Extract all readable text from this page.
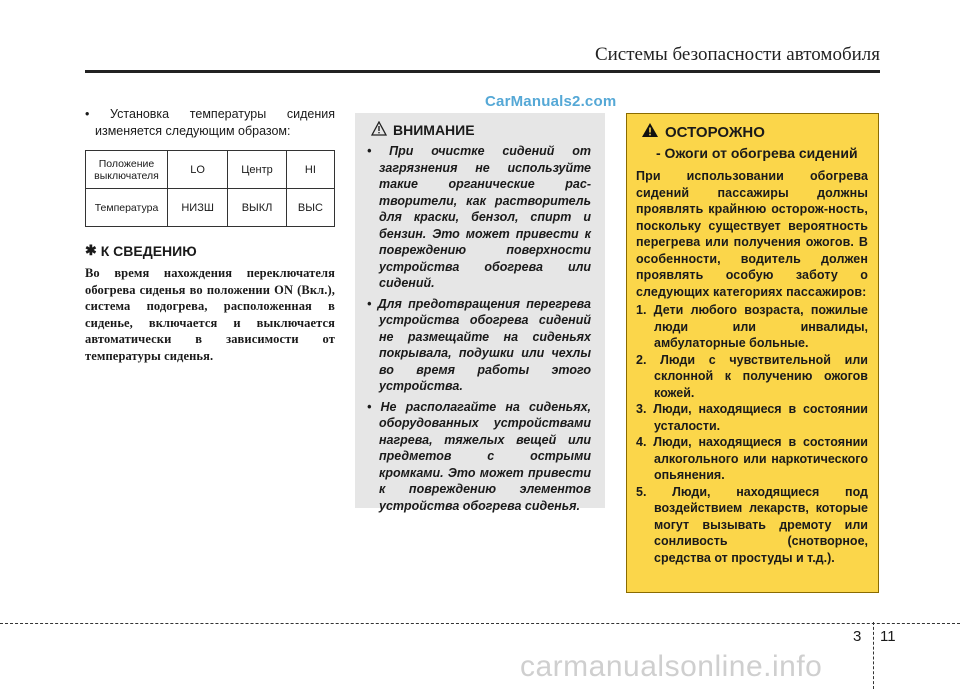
Системы безопасности автомобиля
CarManuals2.com

• Установка температуры сидения изменяется следующим образом:

Положение выключателя	LO	Центр	HI
Температура	НИЗШ	ВЫКЛ	ВЫС
✱ К СВЕДЕНИЮ

Во время нахождения переключателя обогрева сиденья во положении ON (Вкл.), система подогрева, расположенная в сиденье, включается и выключается автоматически в зависимости от температуры сиденья.

ВНИМАНИЕ

• При очистке сидений от загрязнения не используйте такие органические рас-творители, как растворитель для краски, бензол, спирт и бензин. Это может привести к повреждению поверхности устройства обогрева или сидений.

• Для предотвращения перегрева устройства обогрева сидений не размещайте на сиденьях покрывала, подушки или чехлы во время работы этого устройства.

• Не располагайте на сиденьях, оборудованных устройствами нагрева, тяжелых вещей или предметов с острыми кромками. Это может привести к повреждению элементов устройства обогрева сиденья.

ОСТОРОЖНО

- Ожоги от обогрева сидений

При использовании обогрева сидений пассажиры должны проявлять крайнюю осторож-ность, поскольку существует вероятность перегрева или получения ожогов. В особенности, водитель должен проявлять особую заботу о следующих категориях пассажиров:

1. Дети любого возраста, пожилые люди или инвалиды, амбулаторные больные.
2. Люди с чувствительной или склонной к получению ожогов кожей.
3. Люди, находящиеся в состоянии усталости.
4. Люди, находящиеся в состоянии алкогольного или наркотического опьянения.
5. Люди, находящиеся под воздействием лекарств, которые могут вызывать дремоту или сонливость (снотворное, средства от простуды и т.д.).
3 11
carmanualsonline.info
